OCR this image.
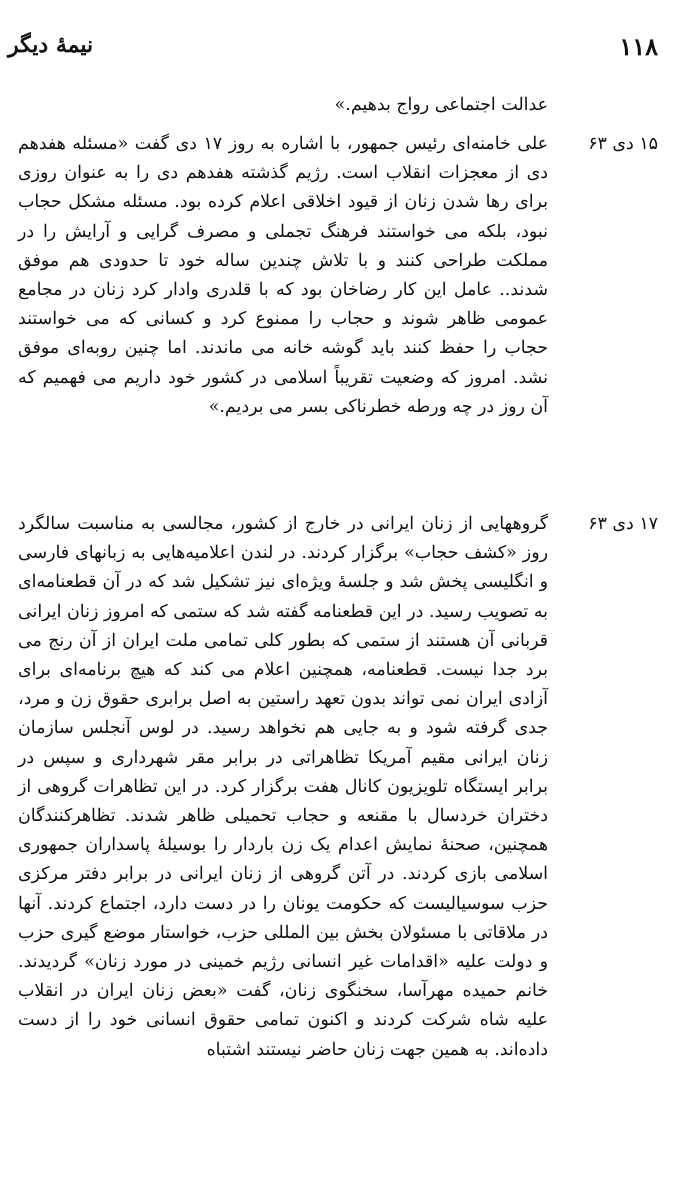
۱۱۸
نیمهٔ دیگر
عدالت اجتماعی رواج بدهیم.»
۱۵ دی ۶۳
علی خامنه‌ای رئیس جمهور، با اشاره به روز ۱۷ دی گفت «مسئله هفدهم دی از معجزات انقلاب است. رژیم گذشته هفدهم دی را به عنوان روزی برای رها شدن زنان از قیود اخلاقی اعلام کرده بود. مسئله مشکل حجاب نبود، بلکه می خواستند فرهنگ تجملی و مصرف گرایی و آرایش را در مملکت طراحی کنند و با تلاش چندین ساله خود تا حدودی هم موفق شدند.. عامل این کار رضاخان بود که با قلدری وادار کرد زنان در مجامع عمومی ظاهر شوند و حجاب را ممنوع کرد و کسانی که می خواستند حجاب را حفظ کنند باید گوشه خانه می ماندند. اما چنین روبه‌ای موفق نشد. امروز که وضعیت تقریباً اسلامی در کشور خود داریم می فهمیم که آن روز در چه ورطه خطرناکی بسر می بردیم.»
۱۷ دی ۶۳
گروههایی از زنان ایرانی در خارج از کشور، مجالسی به مناسبت سالگرد روز «کشف حجاب» برگزار کردند. در لندن اعلامیه‌هایی به زبانهای فارسی و انگلیسی پخش شد و جلسهٔ ویژه‌ای نیز تشکیل شد که در آن قطعنامه‌ای به تصویب رسید. در این قطعنامه گفته شد که ستمی که امروز زنان ایرانی قربانی آن هستند از ستمی که بطور کلی تمامی ملت ایران از آن رنج می برد جدا نیست. قطعنامه، همچنین اعلام می کند که هیچ برنامه‌ای برای آزادی ایران نمی تواند بدون تعهد راستین به اصل برابری حقوق زن و مرد، جدی گرفته شود و به جایی هم نخواهد رسید. در لوس آنجلس سازمان زنان ایرانی مقیم آمریکا تظاهراتی در برابر مقر شهرداری و سپس در برابر ایستگاه تلویزیون کانال هفت برگزار کرد. در این تظاهرات گروهی از دختران خردسال با مقنعه و حجاب تحمیلی ظاهر شدند. تظاهرکنندگان همچنین، صحنهٔ نمایش اعدام یک زن باردار را بوسیلهٔ پاسداران جمهوری اسلامی بازی کردند. در آتن گروهی از زنان ایرانی در برابر دفتر مرکزی حزب سوسیالیست که حکومت یونان را در دست دارد، اجتماع کردند. آنها در ملاقاتی با مسئولان بخش بین المللی حزب، خواستار موضع گیری حزب و دولت علیه «اقدامات غیر انسانی رژیم خمینی در مورد زنان» گردیدند. خانم حمیده مهرآسا، سخنگوی زنان، گفت «بعض زنان ایران در انقلاب علیه شاه شرکت کردند و اکنون تمامی حقوق انسانی خود را از دست داده‌اند. به همین جهت زنان حاضر نیستند اشتباه
